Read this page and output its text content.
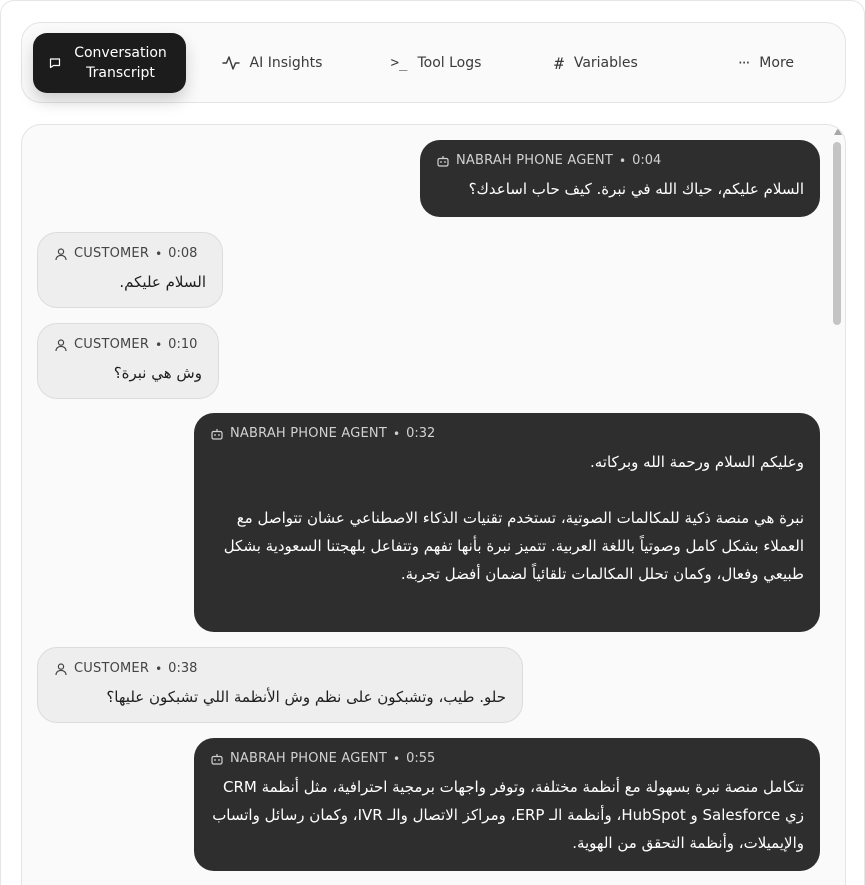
Conversation Transcript
AI Insights	>_ Tool Logs	# Variables	··· More
NABRAH PHONE AGENT • 0:04
السلام عليكم، حياك الله في نبرة. كيف حاب اساعدك؟
CUSTOMER • 0:08
السلام عليكم.
CUSTOMER • 0:10
وش هي نبرة؟
NABRAH PHONE AGENT • 0:32
وعليكم السلام ورحمة الله وبركاته.

نبرة هي منصة ذكية للمكالمات الصوتية، تستخدم تقنيات الذكاء الاصطناعي عشان تتواصل مع العملاء بشكل كامل وصوتياً باللغة العربية. تتميز نبرة بأنها تفهم وتتفاعل بلهجتنا السعودية بشكل طبيعي وفعال، وكمان تحلل المكالمات تلقائياً لضمان أفضل تجربة.
CUSTOMER • 0:38
حلو. طيب، وتشبكون على نظم وش الأنظمة اللي تشبكون عليها؟
NABRAH PHONE AGENT • 0:55
تتكامل منصة نبرة بسهولة مع أنظمة مختلفة، وتوفر واجهات برمجية احترافية، مثل أنظمة CRM زي Salesforce و HubSpot، وأنظمة الـ ERP، ومراكز الاتصال والـ IVR، وكمان رسائل واتساب والإيميلات، وأنظمة التحقق من الهوية.
